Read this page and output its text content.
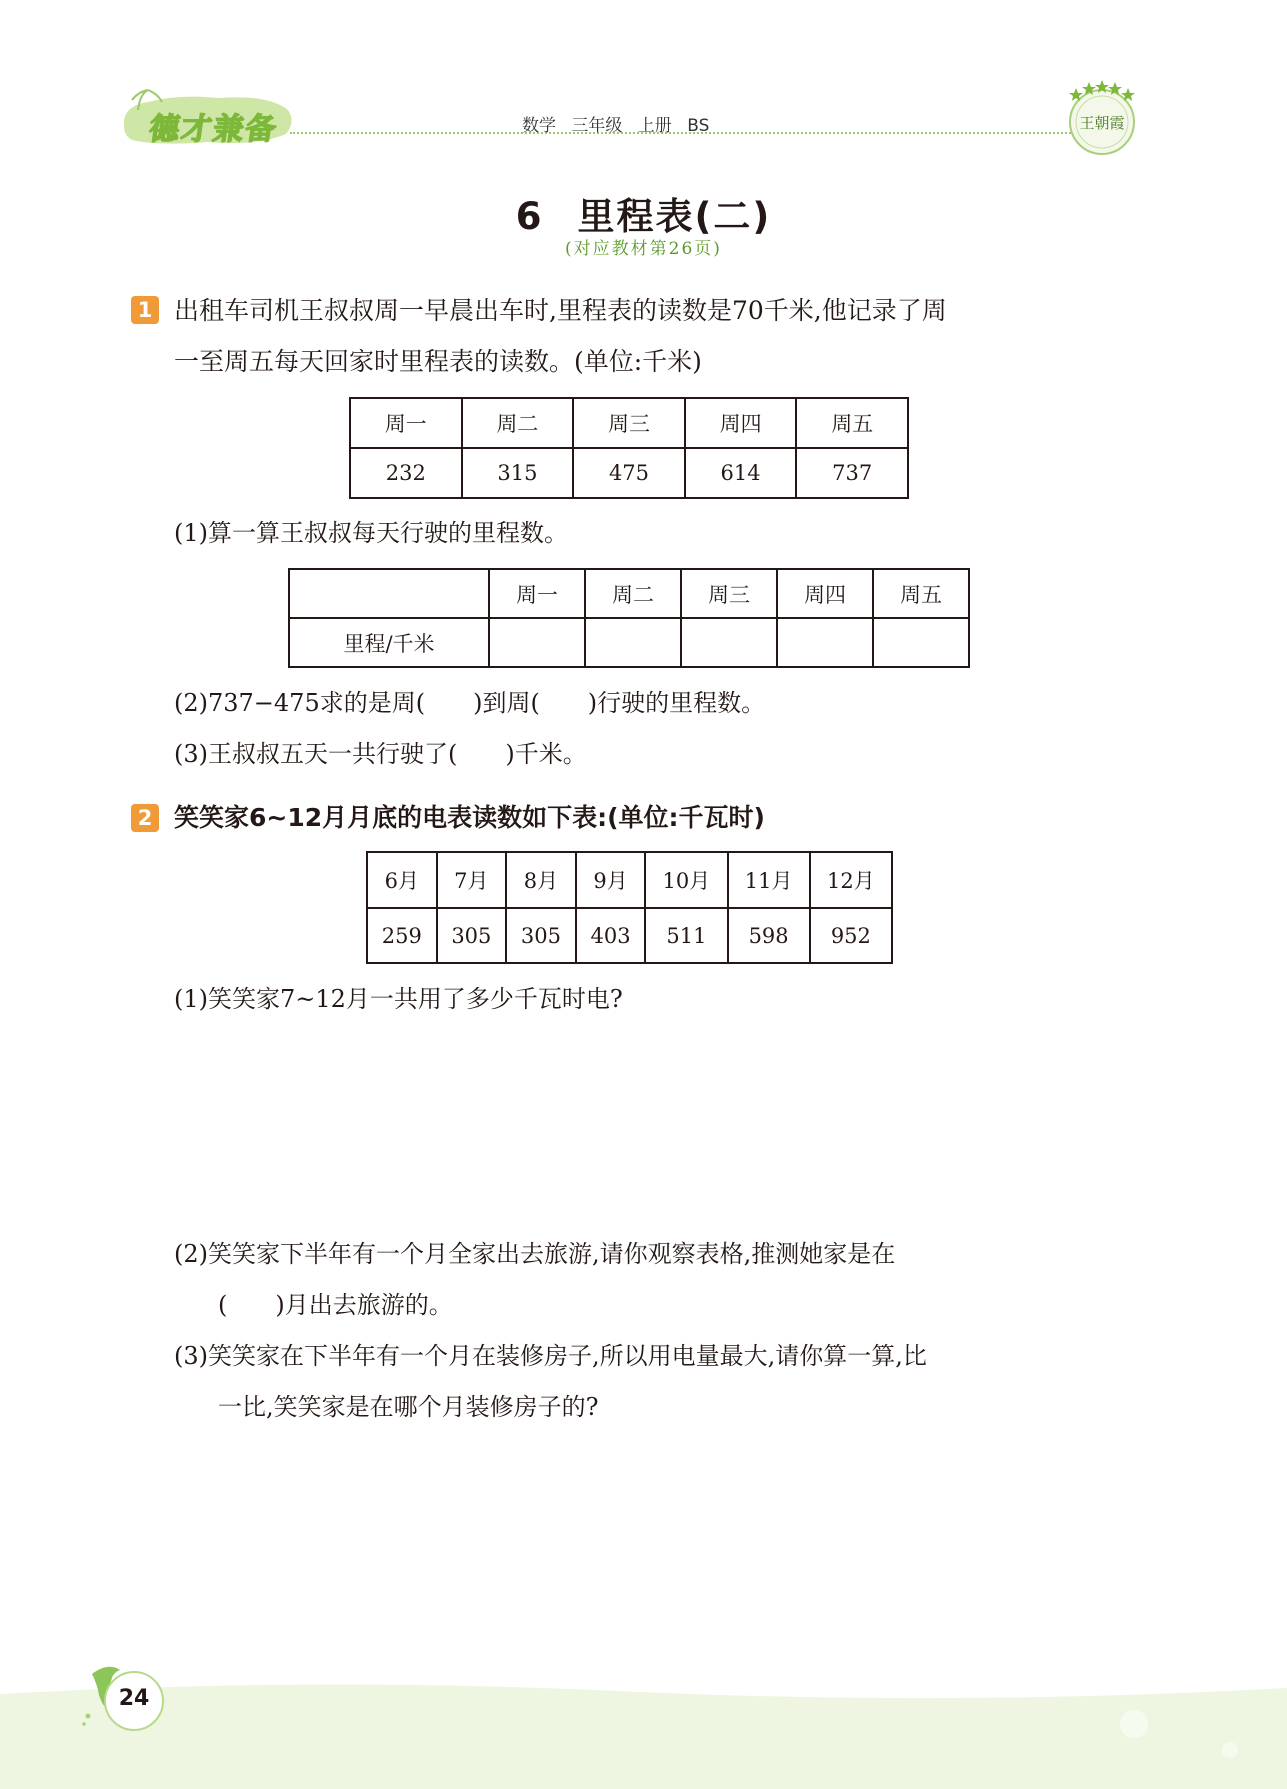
德才兼备	数学 三年级 上册 BS	王朝霞
6 里程表(二)
(对应教材第26页)
1 出租车司机王叔叔周一早晨出车时,里程表的读数是70千米,他记录了周
一至周五每天回家时里程表的读数。(单位:千米)
周一	周二	周三	周四	周五
232	315	475	614	737
(1)算一算王叔叔每天行驶的里程数。
	周一	周二	周三	周四	周五
里程/千米					
(2)737−475求的是周(　　)到周(　　)行驶的里程数。
(3)王叔叔五天一共行驶了(　　)千米。
2 笑笑家6~12月月底的电表读数如下表:(单位:千瓦时)
6月	7月	8月	9月	10月	11月	12月
259	305	305	403	511	598	952
(1)笑笑家7~12月一共用了多少千瓦时电?
(2)笑笑家下半年有一个月全家出去旅游,请你观察表格,推测她家是在
(　　)月出去旅游的。
(3)笑笑家在下半年有一个月在装修房子,所以用电量最大,请你算一算,比
一比,笑笑家是在哪个月装修房子的?
24
